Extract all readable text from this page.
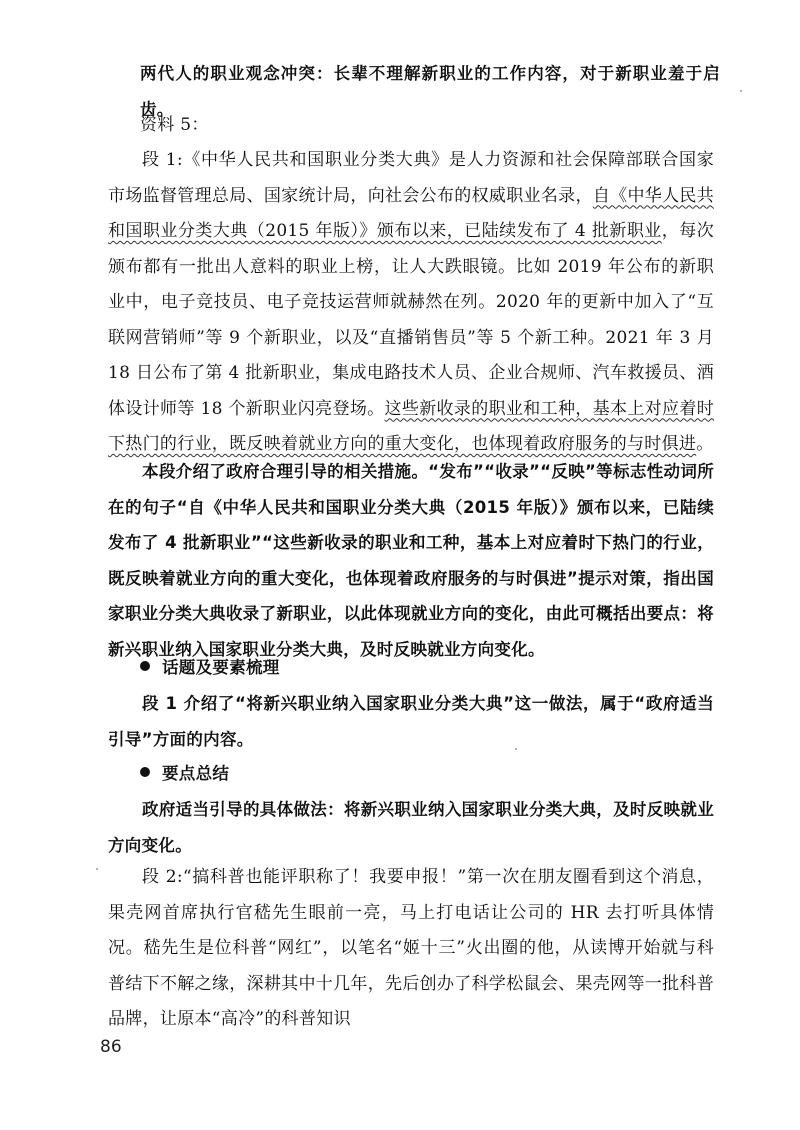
两代人的职业观念冲突：长辈不理解新职业的工作内容，对于新职业羞于启齿。

资料 5：

段 1:《中华人民共和国职业分类大典》是人力资源和社会保障部联合国家市场监督管理总局、国家统计局，向社会公布的权威职业名录，自《中华人民共和国职业分类大典（2015 年版）》颁布以来，已陆续发布了 4 批新职业，每次颁布都有一批出人意料的职业上榜，让人大跌眼镜。比如 2019 年公布的新职业中，电子竞技员、电子竞技运营师就赫然在列。2020 年的更新中加入了“互联网营销师”等 9 个新职业，以及“直播销售员”等 5 个新工种。2021 年 3 月 18 日公布了第 4 批新职业，集成电路技术人员、企业合规师、汽车救援员、酒体设计师等 18 个新职业闪亮登场。这些新收录的职业和工种，基本上对应着时下热门的行业，既反映着就业方向的重大变化，也体现着政府服务的与时俱进。

本段介绍了政府合理引导的相关措施。“发布”“收录”“反映”等标志性动词所在的句子“自《中华人民共和国职业分类大典（2015 年版）》颁布以来，已陆续发布了 4 批新职业”“这些新收录的职业和工种，基本上对应着时下热门的行业，既反映着就业方向的重大变化，也体现着政府服务的与时俱进”提示对策，指出国家职业分类大典收录了新职业，以此体现就业方向的变化，由此可概括出要点：将新兴职业纳入国家职业分类大典，及时反映就业方向变化。

话题及要素梳理

段 1 介绍了“将新兴职业纳入国家职业分类大典”这一做法，属于“政府适当引导”方面的内容。

要点总结

政府适当引导的具体做法：将新兴职业纳入国家职业分类大典，及时反映就业方向变化。

段 2:“搞科普也能评职称了！我要申报！”第一次在朋友圈看到这个消息，果壳网首席执行官嵇先生眼前一亮，马上打电话让公司的 HR 去打听具体情况。嵇先生是位科普“网红”，以笔名“姬十三”火出圈的他，从读博开始就与科普结下不解之缘，深耕其中十几年，先后创办了科学松鼠会、果壳网等一批科普品牌，让原本“高冷”的科普知识

86
